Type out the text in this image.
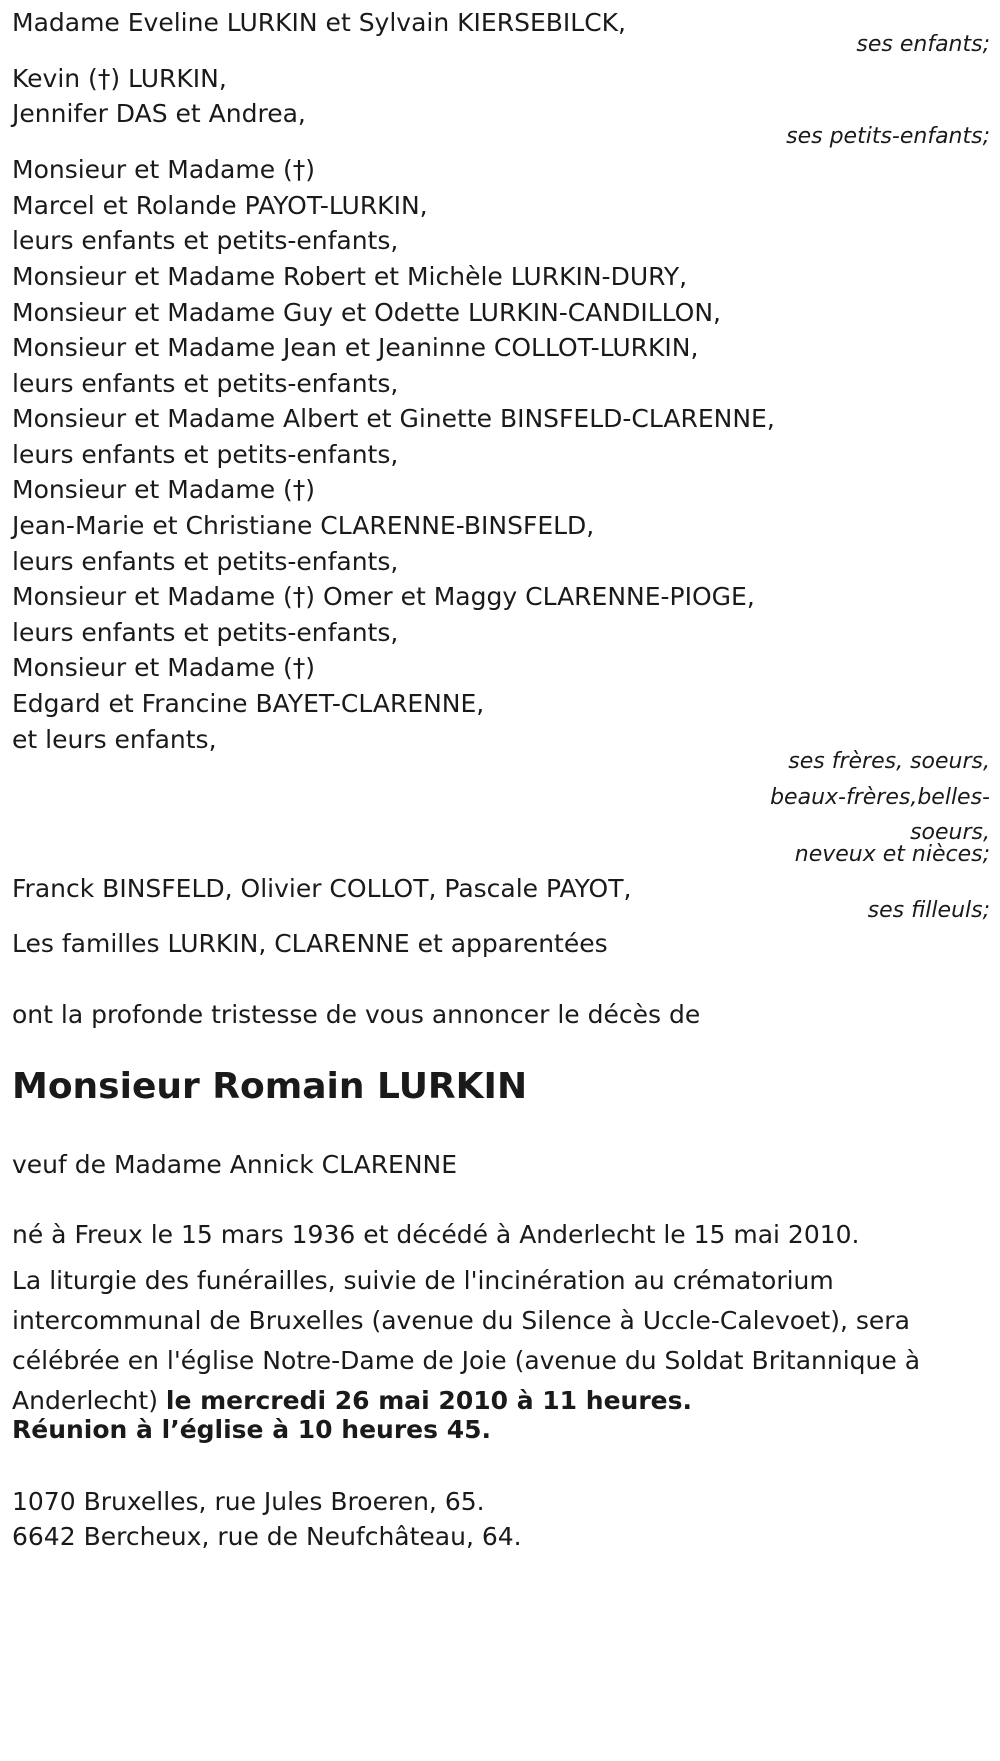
Madame Eveline LURKIN et Sylvain KIERSEBILCK,
ses enfants;
Kevin (†) LURKIN,
Jennifer DAS et Andrea,
ses petits-enfants;
Monsieur et Madame (†)
Marcel et Rolande PAYOT-LURKIN,
leurs enfants et petits-enfants,
Monsieur et Madame Robert et Michèle LURKIN-DURY,
Monsieur et Madame Guy et Odette LURKIN-CANDILLON,
Monsieur et Madame Jean et Jeaninne COLLOT-LURKIN,
leurs enfants et petits-enfants,
Monsieur et Madame Albert et Ginette BINSFELD-CLARENNE,
leurs enfants et petits-enfants,
Monsieur et Madame (†)
Jean-Marie et Christiane CLARENNE-BINSFELD,
leurs enfants et petits-enfants,
Monsieur et Madame (†) Omer et Maggy CLARENNE-PIOGE,
leurs enfants et petits-enfants,
Monsieur et Madame (†)
Edgard et Francine BAYET-CLARENNE,
et leurs enfants,
ses frères, soeurs,
beaux-frères,belles-
soeurs,
neveux et nièces;
Franck BINSFELD, Olivier COLLOT, Pascale PAYOT,
ses filleuls;
Les familles LURKIN, CLARENNE et apparentées
ont la profonde tristesse de vous annoncer le décès de
Monsieur Romain LURKIN
veuf de Madame Annick CLARENNE
né à Freux le 15 mars 1936 et décédé à Anderlecht le 15 mai 2010.
La liturgie des funérailles, suivie de l'incinération au crématorium intercommunal de Bruxelles (avenue du Silence à Uccle-Calevoet), sera célébrée en l'église Notre-Dame de Joie (avenue du Soldat Britannique à Anderlecht) le mercredi 26 mai 2010 à 11 heures.
Réunion à l’église à 10 heures 45.
1070 Bruxelles, rue Jules Broeren, 65.
6642 Bercheux, rue de Neufchâteau, 64.
